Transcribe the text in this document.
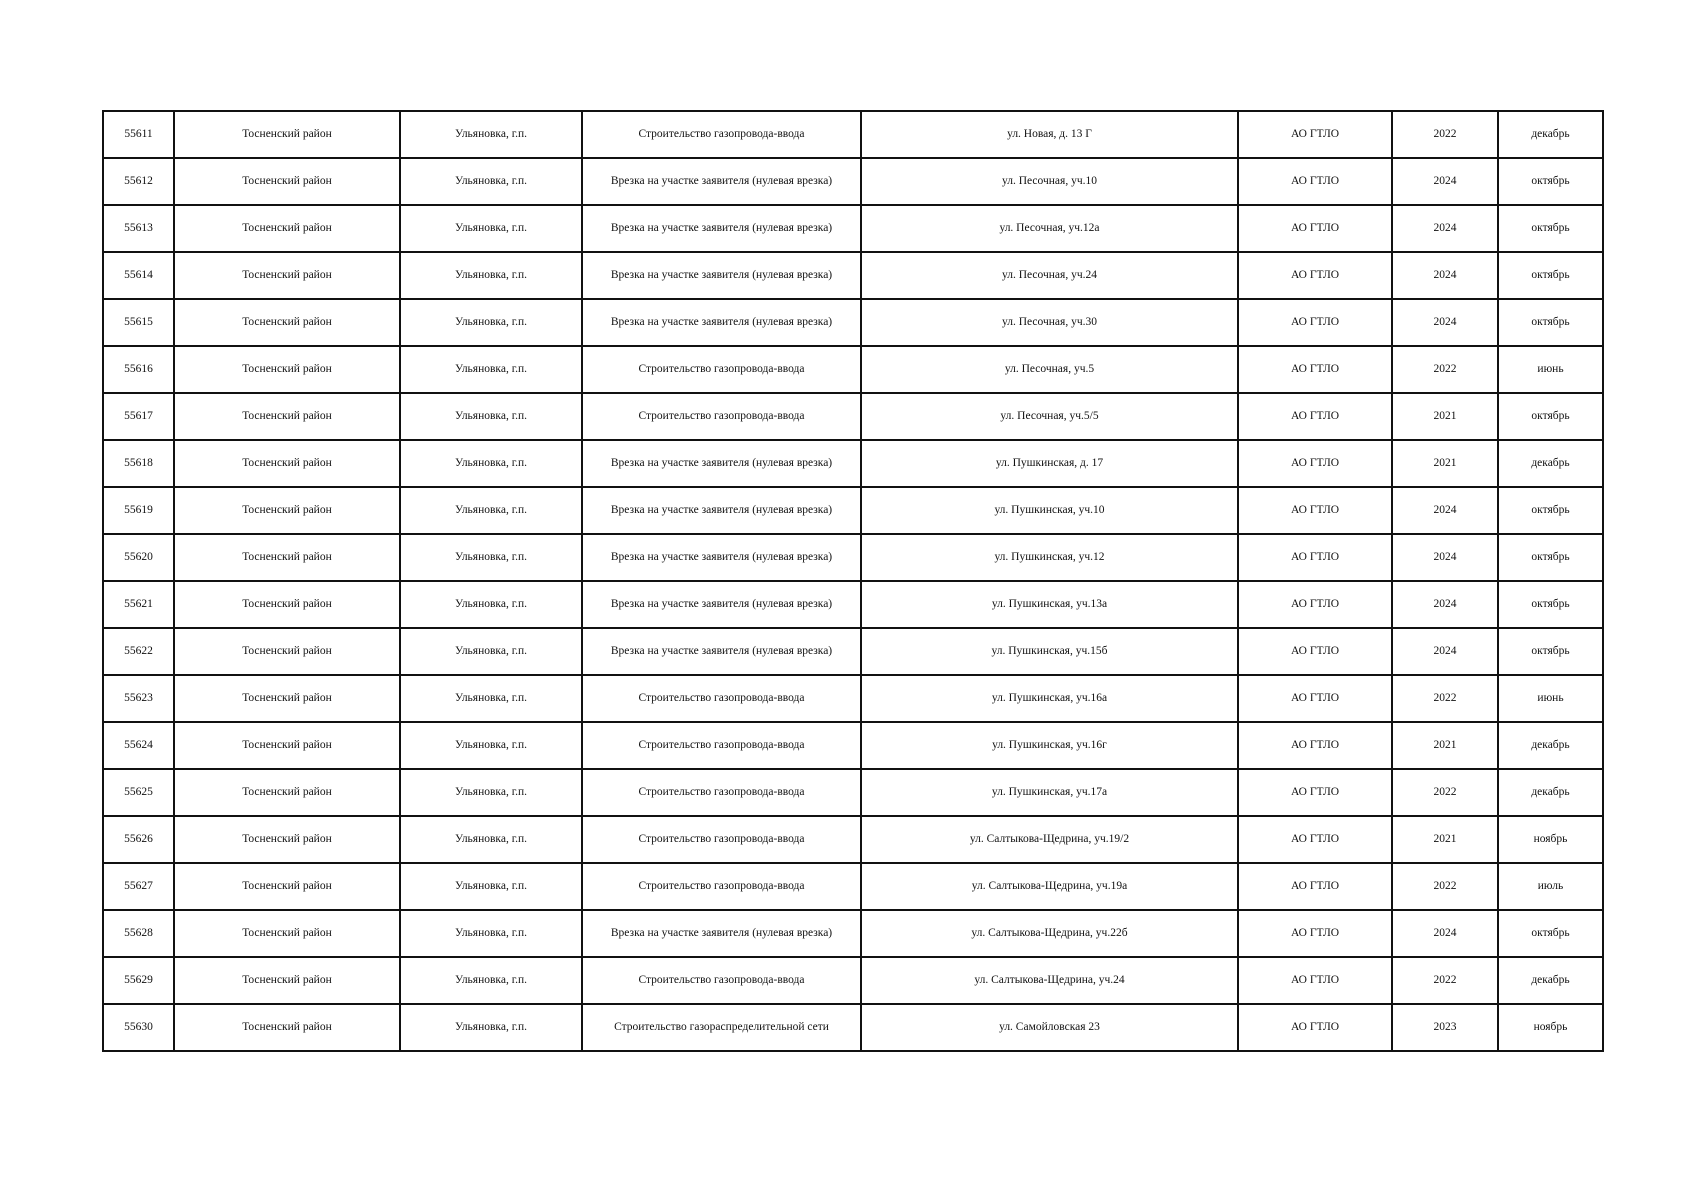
55611	Тосненский район	Ульяновка, г.п.	Строительство газопровода-ввода	ул. Новая, д. 13 Г	АО ГТЛО	2022	декабрь
55612	Тосненский район	Ульяновка, г.п.	Врезка на участке заявителя (нулевая врезка)	ул. Песочная, уч.10	АО ГТЛО	2024	октябрь
55613	Тосненский район	Ульяновка, г.п.	Врезка на участке заявителя (нулевая врезка)	ул. Песочная, уч.12а	АО ГТЛО	2024	октябрь
55614	Тосненский район	Ульяновка, г.п.	Врезка на участке заявителя (нулевая врезка)	ул. Песочная, уч.24	АО ГТЛО	2024	октябрь
55615	Тосненский район	Ульяновка, г.п.	Врезка на участке заявителя (нулевая врезка)	ул. Песочная, уч.30	АО ГТЛО	2024	октябрь
55616	Тосненский район	Ульяновка, г.п.	Строительство газопровода-ввода	ул. Песочная, уч.5	АО ГТЛО	2022	июнь
55617	Тосненский район	Ульяновка, г.п.	Строительство газопровода-ввода	ул. Песочная, уч.5/5	АО ГТЛО	2021	октябрь
55618	Тосненский район	Ульяновка, г.п.	Врезка на участке заявителя (нулевая врезка)	ул. Пушкинская, д. 17	АО ГТЛО	2021	декабрь
55619	Тосненский район	Ульяновка, г.п.	Врезка на участке заявителя (нулевая врезка)	ул. Пушкинская, уч.10	АО ГТЛО	2024	октябрь
55620	Тосненский район	Ульяновка, г.п.	Врезка на участке заявителя (нулевая врезка)	ул. Пушкинская, уч.12	АО ГТЛО	2024	октябрь
55621	Тосненский район	Ульяновка, г.п.	Врезка на участке заявителя (нулевая врезка)	ул. Пушкинская, уч.13а	АО ГТЛО	2024	октябрь
55622	Тосненский район	Ульяновка, г.п.	Врезка на участке заявителя (нулевая врезка)	ул. Пушкинская, уч.15б	АО ГТЛО	2024	октябрь
55623	Тосненский район	Ульяновка, г.п.	Строительство газопровода-ввода	ул. Пушкинская, уч.16а	АО ГТЛО	2022	июнь
55624	Тосненский район	Ульяновка, г.п.	Строительство газопровода-ввода	ул. Пушкинская, уч.16г	АО ГТЛО	2021	декабрь
55625	Тосненский район	Ульяновка, г.п.	Строительство газопровода-ввода	ул. Пушкинская, уч.17а	АО ГТЛО	2022	декабрь
55626	Тосненский район	Ульяновка, г.п.	Строительство газопровода-ввода	ул. Салтыкова-Щедрина, уч.19/2	АО ГТЛО	2021	ноябрь
55627	Тосненский район	Ульяновка, г.п.	Строительство газопровода-ввода	ул. Салтыкова-Щедрина, уч.19а	АО ГТЛО	2022	июль
55628	Тосненский район	Ульяновка, г.п.	Врезка на участке заявителя (нулевая врезка)	ул. Салтыкова-Щедрина, уч.22б	АО ГТЛО	2024	октябрь
55629	Тосненский район	Ульяновка, г.п.	Строительство газопровода-ввода	ул. Салтыкова-Щедрина, уч.24	АО ГТЛО	2022	декабрь
55630	Тосненский район	Ульяновка, г.п.	Строительство газораспределительной сети	ул. Самойловская 23	АО ГТЛО	2023	ноябрь
